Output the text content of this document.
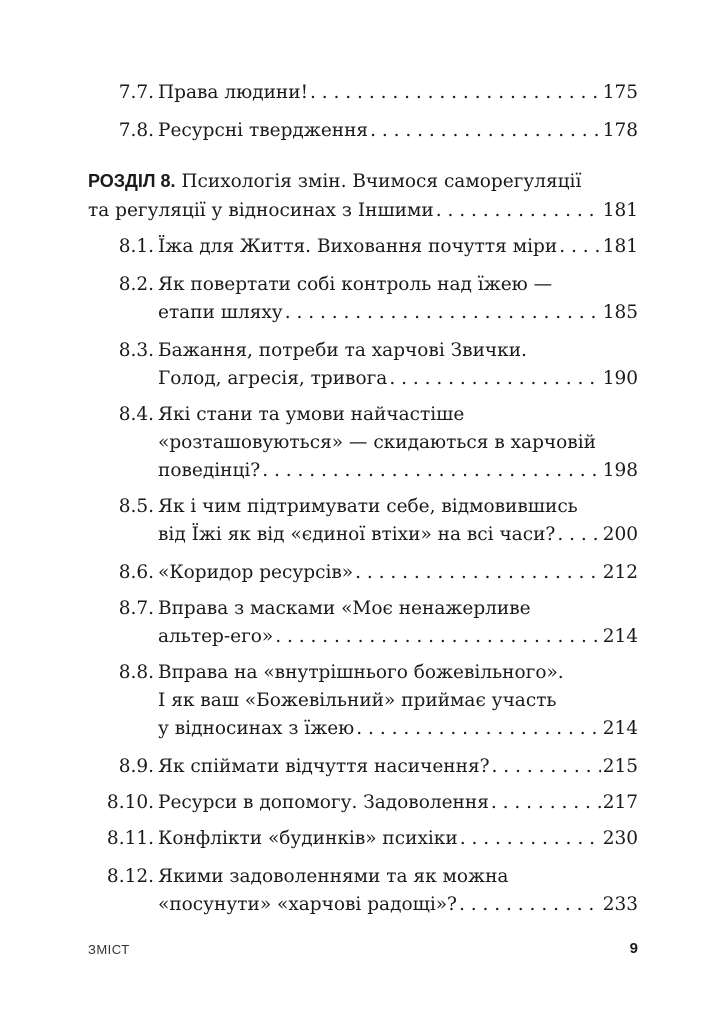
7.7. Права людини! . . .	175
7.8. Ресурсні твердження . . .	178
РОЗДІЛ 8. Психологія змін. Вчимося саморегуляції
та регуляції у відносинах з Іншими . . .	181
8.1. Їжа для Життя. Виховання почуття міри . . . 181
8.2. Як повертати собі контроль над їжею —
етапи шляху . . .	185
8.3. Бажання, потреби та харчові Звички.
Голод, агресія, тривога . . .	190
8.4. Які стани та умови найчастіше
«розташовуються» — скидаються в харчовій
поведінці? . . .	198
8.5. Як і чим підтримувати себе, відмовившись
від Їжі як від «єдиної втіхи» на всі часи? . . .	200
8.6. «Коридор ресурсів» . . .	212
8.7. Вправа з масками «Моє ненажерливе
альтер-его» . . .	214
8.8. Вправа на «внутрішнього божевільного».
І як ваш «Божевільний» приймає участь
у відносинах з їжею . . .	214
8.9. Як спіймати відчуття насичення? . . .	215
8.10. Ресурси в допомогу. Задоволення . . .	217
8.11. Конфлікти «будинків» психіки . . .	230
8.12. Якими задоволеннями та як можна
«посунути» «харчові радощі»? . . .	233
ЗМІСТ	9
